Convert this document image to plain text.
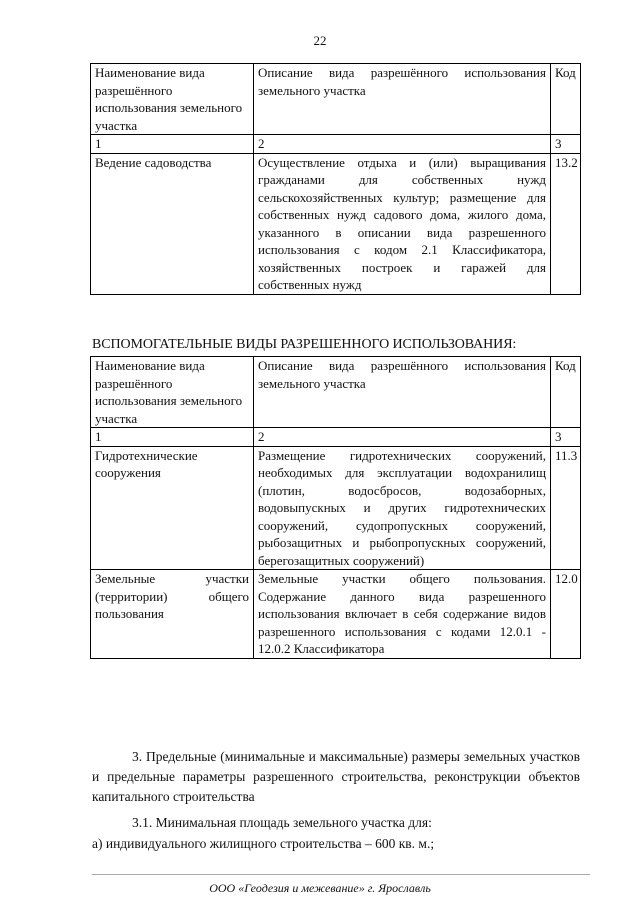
22
Наименование вида разрешённого использования земельного участка	Описание вида разрешённого использования земельного участка	Код
1	2	3
Ведение садоводства	Осуществление отдыха и (или) выращивания гражданами для собственных нужд сельскохозяйственных культур; размещение для собственных нужд садового дома, жилого дома, указанного в описании вида разрешенного использования с кодом 2.1 Классификатора, хозяйственных построек и гаражей для собственных нужд	13.2
ВСПОМОГАТЕЛЬНЫЕ ВИДЫ РАЗРЕШЕННОГО ИСПОЛЬЗОВАНИЯ:
Наименование вида разрешённого использования земельного участка	Описание вида разрешённого использования земельного участка	Код
1	2	3
Гидротехнические сооружения	Размещение гидротехнических сооружений, необходимых для эксплуатации водохранилищ (плотин, водосбросов, водозаборных, водовыпускных и других гидротехнических сооружений, судопропускных сооружений, рыбозащитных и рыбопропускных сооружений, берегозащитных сооружений)	11.3

Земельные участки (территории) общего пользования	Земельные участки общего пользования. Содержание данного вида разрешенного использования включает в себя содержание видов разрешенного использования с кодами 12.0.1 - 12.0.2 Классификатора	12.0
3. Предельные (минимальные и максимальные) размеры земельных участков и предельные параметры разрешенного строительства, реконструкции объектов капитального строительства
3.1. Минимальная площадь земельного участка для:
а) индивидуального жилищного строительства – 600 кв. м.;
ООО «Геодезия и межевание» г. Ярославль
